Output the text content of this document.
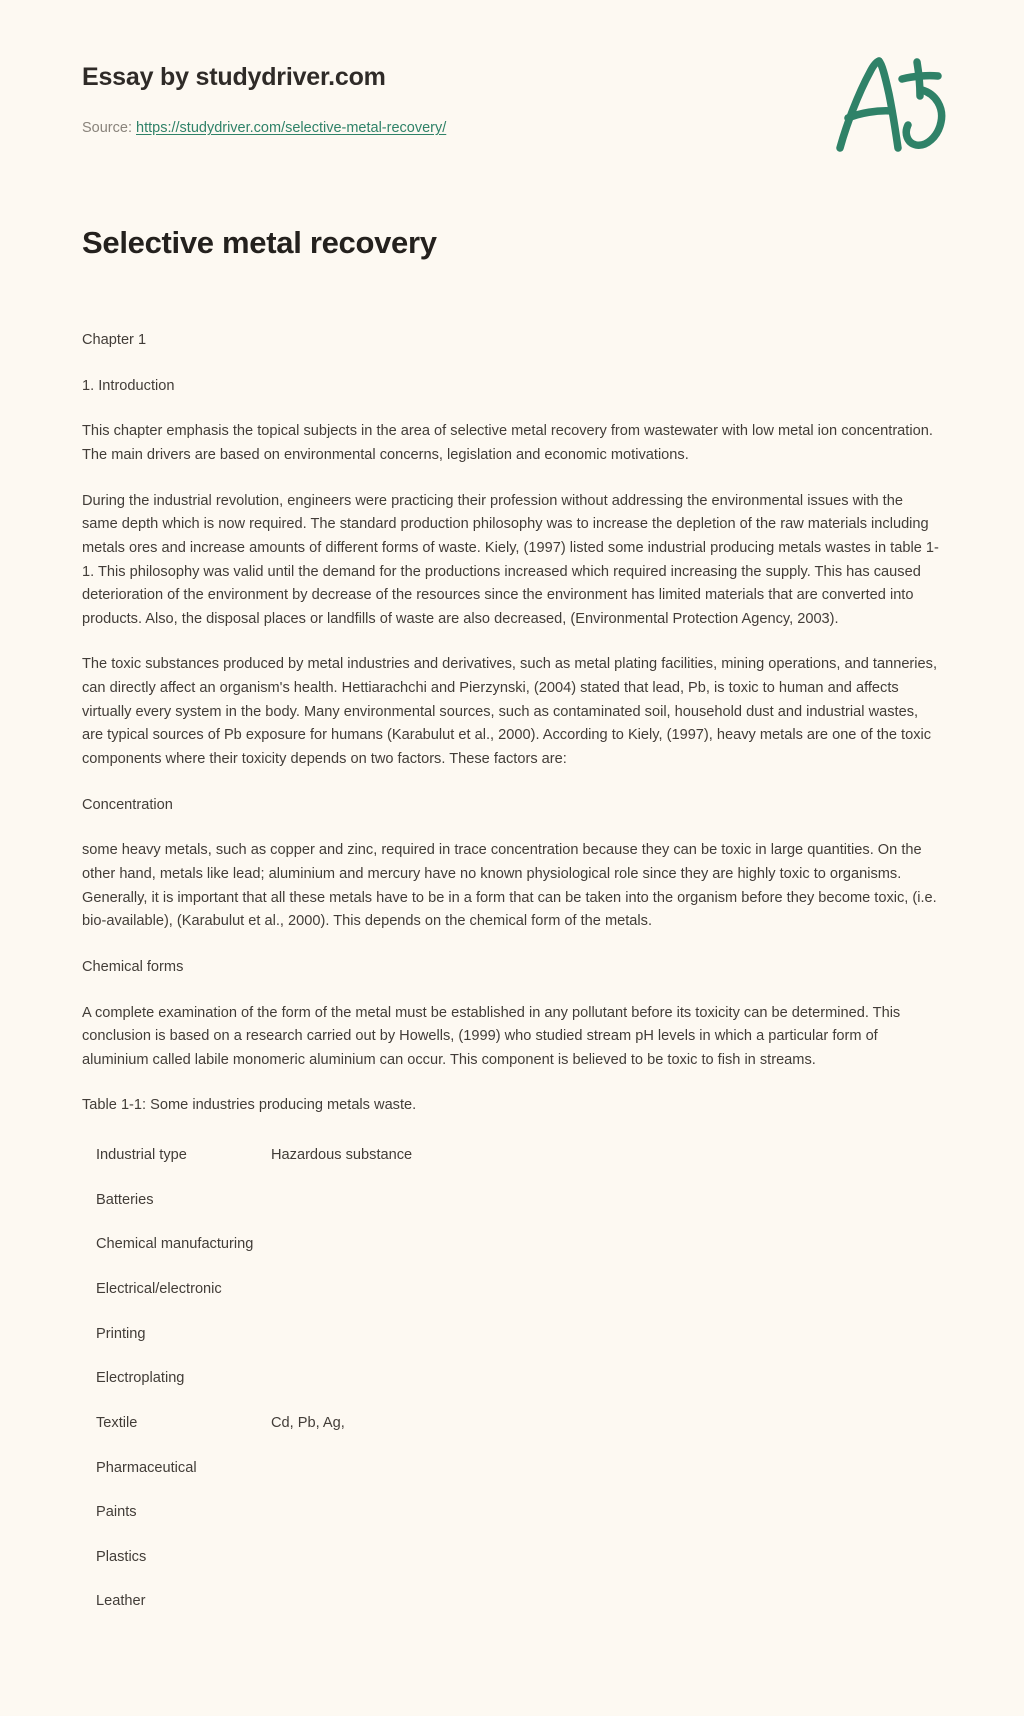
Essay by studydriver.com
Source: https://studydriver.com/selective-metal-recovery/
Selective metal recovery

Chapter 1

1. Introduction

This chapter emphasis the topical subjects in the area of selective metal recovery from wastewater with low metal ion concentration. The main drivers are based on environmental concerns, legislation and economic motivations.

During the industrial revolution, engineers were practicing their profession without addressing the environmental issues with the same depth which is now required. The standard production philosophy was to increase the depletion of the raw materials including metals ores and increase amounts of different forms of waste. Kiely, (1997) listed some industrial producing metals wastes in table 1-1. This philosophy was valid until the demand for the productions increased which required increasing the supply. This has caused deterioration of the environment by decrease of the resources since the environment has limited materials that are converted into products. Also, the disposal places or landfills of waste are also decreased, (Environmental Protection Agency, 2003).

The toxic substances produced by metal industries and derivatives, such as metal plating facilities, mining operations, and tanneries, can directly affect an organism's health. Hettiarachchi and Pierzynski, (2004) stated that lead, Pb, is toxic to human and affects virtually every system in the body. Many environmental sources, such as contaminated soil, household dust and industrial wastes, are typical sources of Pb exposure for humans (Karabulut et al., 2000). According to Kiely, (1997), heavy metals are one of the toxic components where their toxicity depends on two factors. These factors are:

Concentration

some heavy metals, such as copper and zinc, required in trace concentration because they can be toxic in large quantities. On the other hand, metals like lead; aluminium and mercury have no known physiological role since they are highly toxic to organisms. Generally, it is important that all these metals have to be in a form that can be taken into the organism before they become toxic, (i.e. bio-available), (Karabulut et al., 2000). This depends on the chemical form of the metals.

Chemical forms

A complete examination of the form of the metal must be established in any pollutant before its toxicity can be determined. This conclusion is based on a research carried out by Howells, (1999) who studied stream pH levels in which a particular form of aluminium called labile monomeric aluminium can occur. This component is believed to be toxic to fish in streams.

Table 1-1: Some industries producing metals waste.

Industrial type	Hazardous substance
Batteries	
Chemical manufacturing	
Electrical/electronic	
Printing	
Electroplating	
Textile	Cd, Pb, Ag,
Pharmaceutical	
Paints	
Plastics	
Leather	
